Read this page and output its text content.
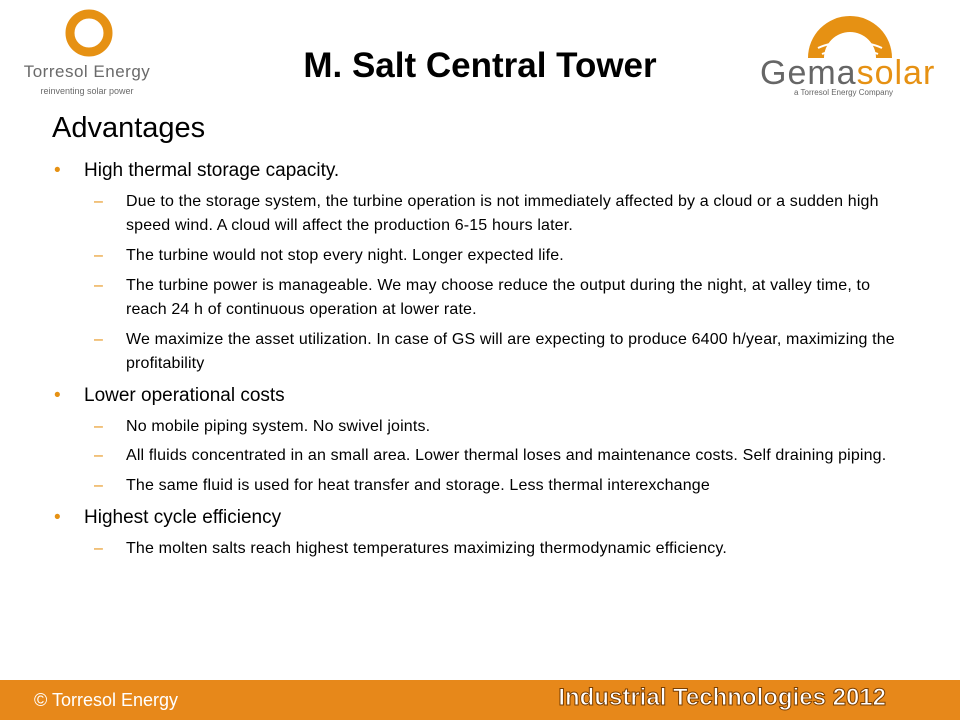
Torresol Energy
reinventing solar power
M. Salt Central Tower	Gemasolar
a Torresol Energy Company
Advantages
• High thermal storage capacity.
– Due to the storage system, the turbine operation is not immediately affected by a cloud or a sudden high speed wind. A cloud will affect the production 6-15 hours later.
– The turbine would not stop every night. Longer expected life.
– The turbine power is manageable. We may choose reduce the output during the night, at valley time, to reach 24 h of continuous operation at lower rate.
– We maximize the asset utilization. In case of GS will are expecting to produce 6400 h/year, maximizing the profitability
• Lower operational costs
– No mobile piping system. No swivel joints.
– All fluids concentrated in an small area. Lower thermal loses and maintenance costs. Self draining piping.
– The same fluid is used for heat transfer and storage. Less thermal interexchange
• Highest cycle efficiency
– The molten salts reach highest temperatures maximizing thermodynamic efficiency.
© Torresol Energy	Industrial Technologies 2012
